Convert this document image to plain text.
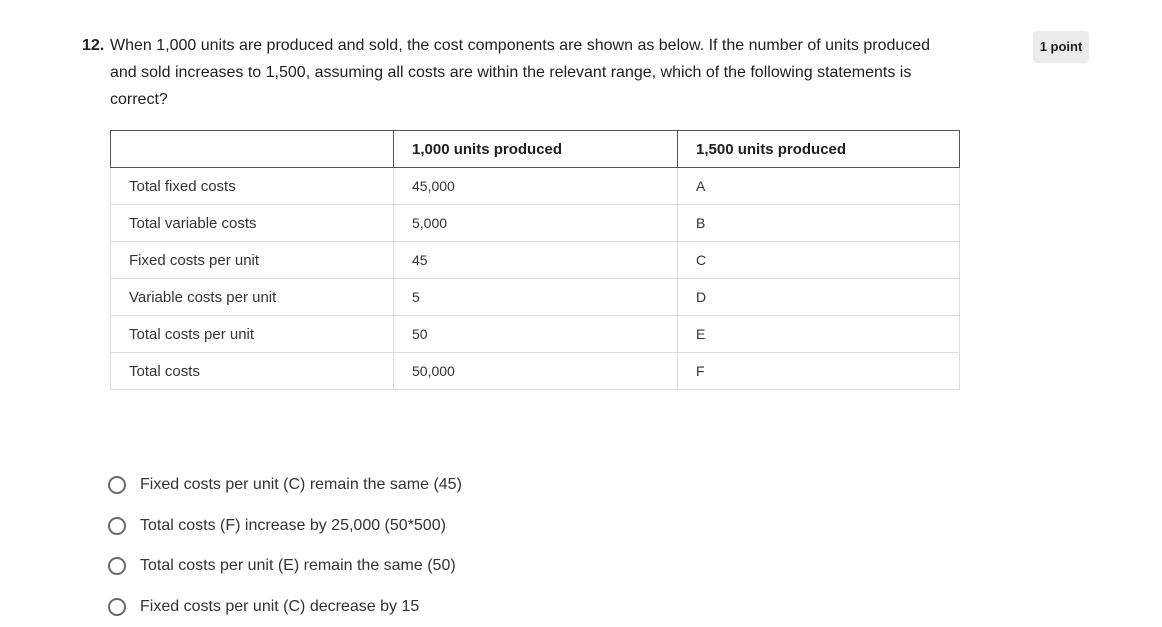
12. When 1,000 units are produced and sold, the cost components are shown as below. If the number of units produced and sold increases to 1,500, assuming all costs are within the relevant range, which of the following statements is correct?
1 point
	1,000 units produced	1,500 units produced
Total fixed costs	45,000	A
Total variable costs	5,000	B
Fixed costs per unit	45	C
Variable costs per unit	5	D
Total costs per unit	50	E
Total costs	50,000	F
Fixed costs per unit (C) remain the same (45)
Total costs (F) increase by 25,000 (50*500)
Total costs per unit (E) remain the same (50)
Fixed costs per unit (C) decrease by 15
